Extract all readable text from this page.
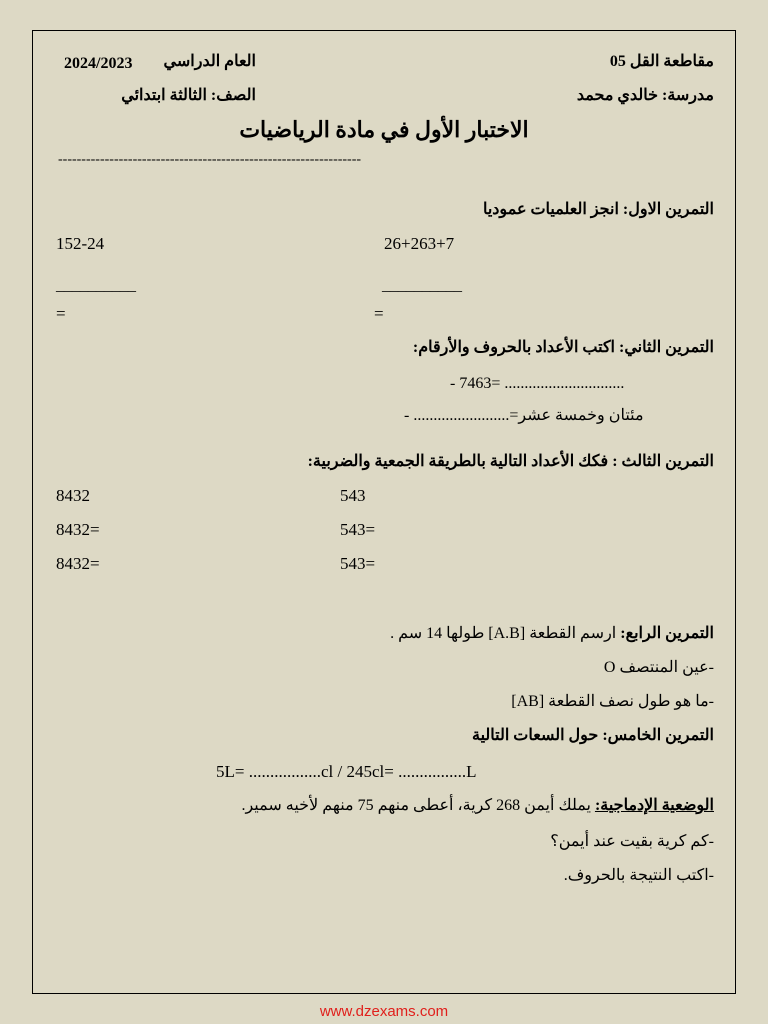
مقاطعة القل 05
العام الدراسي
2024/2023
مدرسة: خالدي محمد
الصف: الثالثة ابتدائي
الاختبار الأول في مادة الرياضيات
-----------------------------------------------------------------
التمرين الاول: انجز العلميات عموديا
152-24	26+263+7
__________	__________
=	=
التمرين الثاني: اكتب الأعداد بالحروف والأرقام:
- 7463= ..............................
- ........................=مئتان وخمسة عشر
التمرين الثالث : فكك الأعداد التالية بالطريقة الجمعية والضربية:
8432	543
8432=	543=
8432=	543=
التمرين الرابع: ارسم القطعة [A.B] طولها 14 سم .
-عين المنتصف O
-ما هو طول نصف القطعة [AB]
التمرين الخامس: حول السعات التالية
5L= .................cl / 245cl= ................L
الوضعية الإدماجية: يملك أيمن 268 كرية، أعطى منهم 75 منهم لأخيه سمير.
-كم كرية بقيت عند أيمن؟
-اكتب النتيجة بالحروف.
www.dzexams.com
